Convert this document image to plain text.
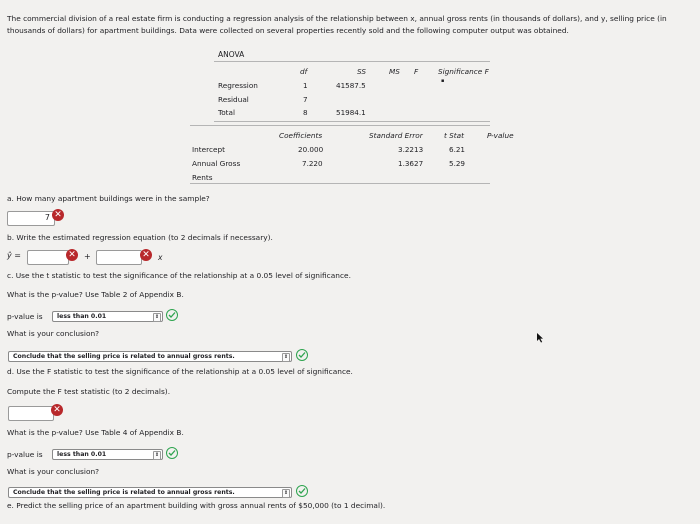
The commercial division of a real estate firm is conducting a regression analysis of the relationship between x, annual gross rents (in thousands of dollars), and y, selling price (in thousands of dollars) for apartment buildings. Data were collected on several properties recently sold and the following computer output was obtained.
ANOVA
df	SS	MS F	Significance F
▪
Regression	1	41587.5
Residual	7
Total	8	51984.1
Coefficients	Standard Error	t Stat	P-value
Intercept	20.000	3.2213	6.21
Annual Gross	7.220	1.3627	5.29
Rents
a. How many apartment buildings were in the sample?
7 ✕
b. Write the estimated regression equation (to 2 decimals if necessary).
ŷ =	✕ +	✕ x
c. Use the t statistic to test the significance of the relationship at a 0.05 level of significance.
What is the p-value? Use Table 2 of Appendix B.
p-value is	less than 0.01	⇕
What is your conclusion?
Conclude that the selling price is related to annual gross rents.	⇕
d. Use the F statistic to test the significance of the relationship at a 0.05 level of significance.
Compute the F test statistic (to 2 decimals).
✕
What is the p-value? Use Table 4 of Appendix B.
p-value is	less than 0.01	⇕
What is your conclusion?
Conclude that the selling price is related to annual gross rents.	⇕
e. Predict the selling price of an apartment building with gross annual rents of $50,000 (to 1 decimal).
